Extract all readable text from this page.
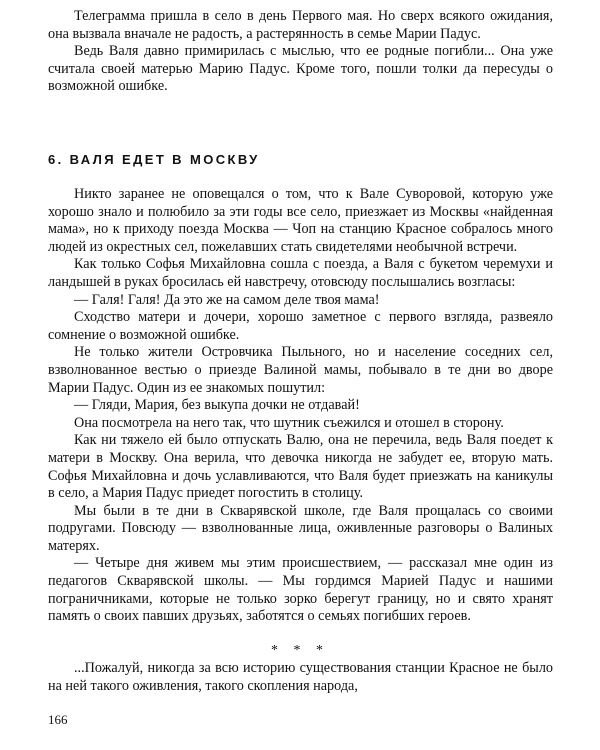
Телеграмма пришла в село в день Первого мая. Но сверх всякого ожидания, она вызвала вначале не радость, а растерянность в семье Марии Падус.

Ведь Валя давно примирилась с мыслью, что ее родные погибли... Она уже считала своей матерью Марию Падус. Кроме того, пошли толки да пересуды о возможной ошибке.

6. ВАЛЯ ЕДЕТ В МОСКВУ

Никто заранее не оповещался о том, что к Вале Суворовой, которую уже хорошо знало и полюбило за эти годы все село, приезжает из Москвы «найденная мама», но к приходу поезда Москва — Чоп на станцию Красное собралось много людей из окрестных сел, пожелавших стать свидетелями необычной встречи.

Как только Софья Михайловна сошла с поезда, а Валя с букетом черемухи и ландышей в руках бросилась ей навстречу, отовсюду послышались возгласы:

— Галя! Галя! Да это же на самом деле твоя мама!

Сходство матери и дочери, хорошо заметное с первого взгляда, развеяло сомнение о возможной ошибке.

Не только жители Островчика Пыльного, но и население соседних сел, взволнованное вестью о приезде Валиной мамы, побывало в те дни во дворе Марии Падус. Один из ее знакомых пошутил:

— Гляди, Мария, без выкупа дочки не отдавай!

Она посмотрела на него так, что шутник съежился и отошел в сторону.

Как ни тяжело ей было отпускать Валю, она не перечила, ведь Валя поедет к матери в Москву. Она верила, что девочка никогда не забудет ее, вторую мать. Софья Михайловна и дочь уславливаются, что Валя будет приезжать на каникулы в село, а Мария Падус приедет погостить в столицу.

Мы были в те дни в Скварявской школе, где Валя прощалась со своими подругами. Повсюду — взволнованные лица, оживленные разговоры о Валиных матерях.

— Четыре дня живем мы этим происшествием, — рассказал мне один из педагогов Скварявской школы. — Мы гордимся Марией Падус и нашими пограничниками, которые не только зорко берегут границу, но и свято хранят память о своих павших друзьях, заботятся о семьях погибших героев.

* * *

...Пожалуй, никогда за всю историю существования станции Красное не было на ней такого оживления, такого скопления народа,

166
